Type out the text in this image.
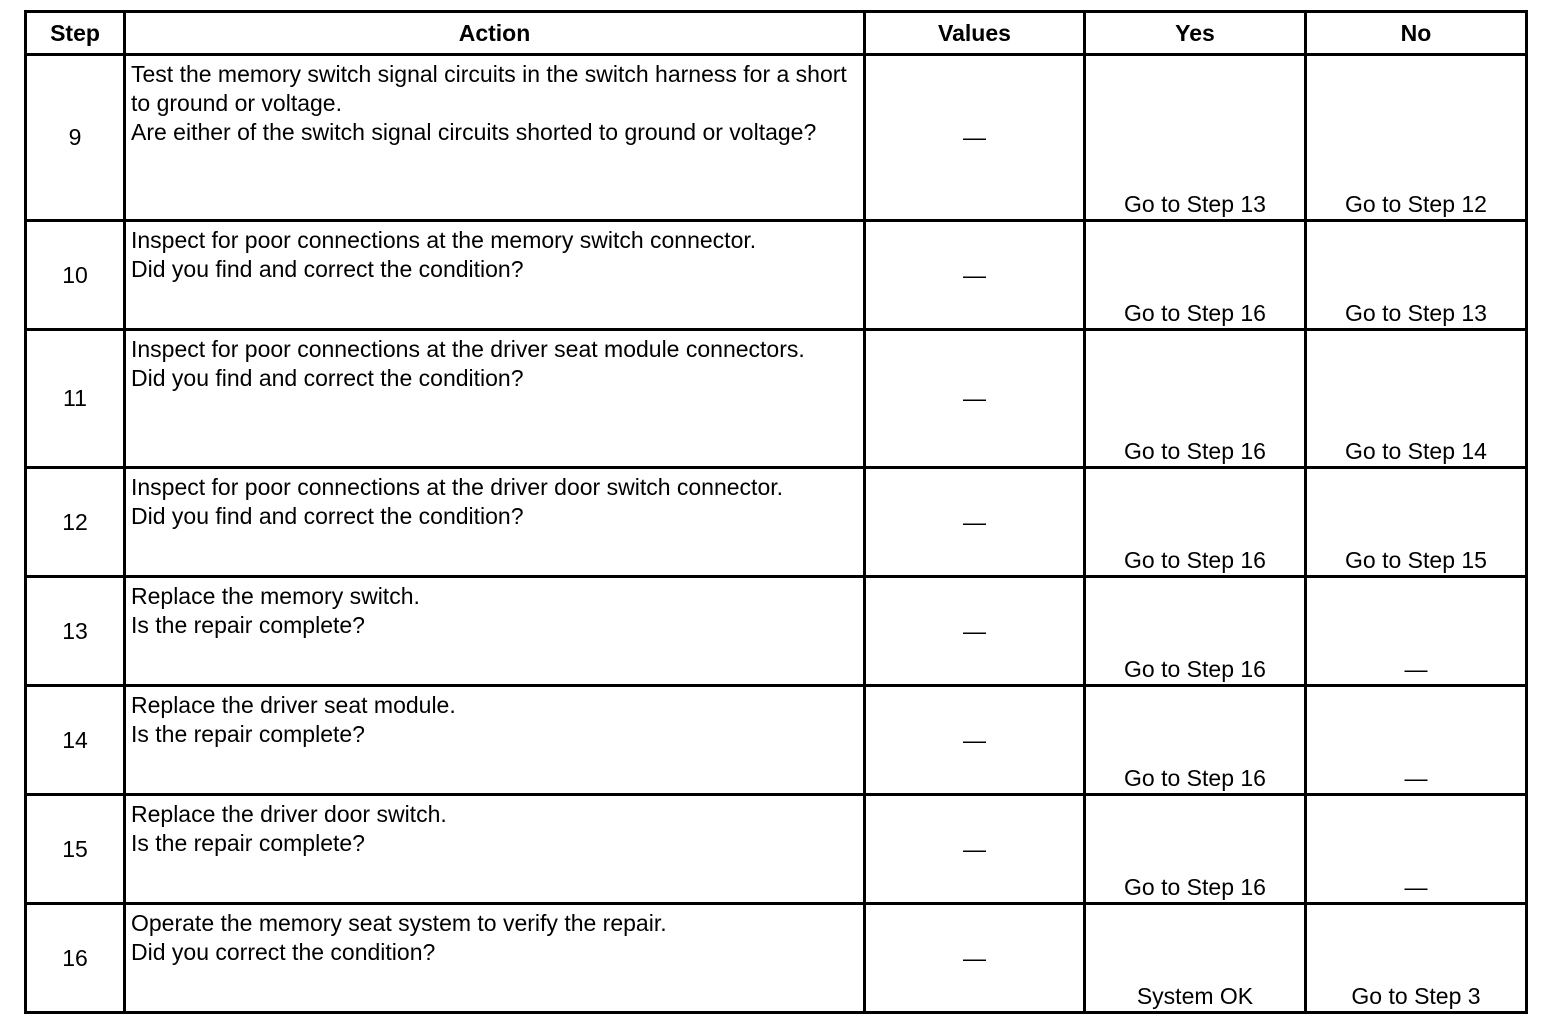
Step	Action	Values	Yes	No
9	Test the memory switch signal circuits in the switch harness for a short to ground or voltage.
Are either of the switch signal circuits shorted to ground or voltage?	—	Go to Step 13	Go to Step 12
10	Inspect for poor connections at the memory switch connector.
Did you find and correct the condition?	—	Go to Step 16	Go to Step 13
11	Inspect for poor connections at the driver seat module connectors.
Did you find and correct the condition?	—	Go to Step 16	Go to Step 14
12	Inspect for poor connections at the driver door switch connector.
Did you find and correct the condition?	—	Go to Step 16	Go to Step 15
13	Replace the memory switch.
Is the repair complete?	—	Go to Step 16	—
14	Replace the driver seat module.
Is the repair complete?	—	Go to Step 16	—
15	Replace the driver door switch.
Is the repair complete?	—	Go to Step 16	—
16	Operate the memory seat system to verify the repair.
Did you correct the condition?	—	System OK	Go to Step 3
